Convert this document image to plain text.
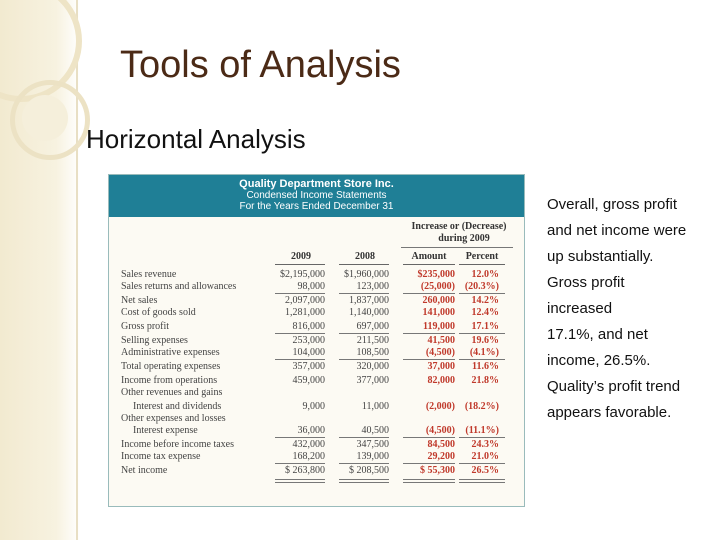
Tools of Analysis
Horizontal Analysis
Quality Department Store Inc.
Condensed Income Statements
For the Years Ended December 31
Increase or (Decrease)
during 2009
2009	2008	Amount	Percent
Sales revenue	$2,195,000	$1,960,000	$235,000	12.0%
Sales returns and allowances	98,000	123,000	(25,000) (20.3%)
Net sales	2,097,000	1,837,000	260,000	14.2%
Cost of goods sold	1,281,000	1,140,000	141,000	12.4%
Gross profit	816,000	697,000	119,000	17.1%
Selling expenses	253,000	211,500	41,500	19.6%
Administrative expenses	104,000	108,500	(4,500)	(4.1%)
Total operating expenses	357,000	320,000	37,000	11.6%
Income from operations	459,000	377,000	82,000	21.8%
Other revenues and gains
Interest and dividends	9,000	11,000	(2,000) (18.2%)
Other expenses and losses
Interest expense	36,000	40,500	(4,500)	(11.1%)
Income before income taxes	432,000	347,500	84,500	24.3%
Income tax expense	168,200	139,000	29,200	21.0%
Net income	$ 263,800	$ 208,500	$ 55,300	26.5%
Overall, gross profit
and net income were
up substantially.
Gross profit
increased
17.1%, and net
income, 26.5%.
Quality’s profit trend
appears favorable.
